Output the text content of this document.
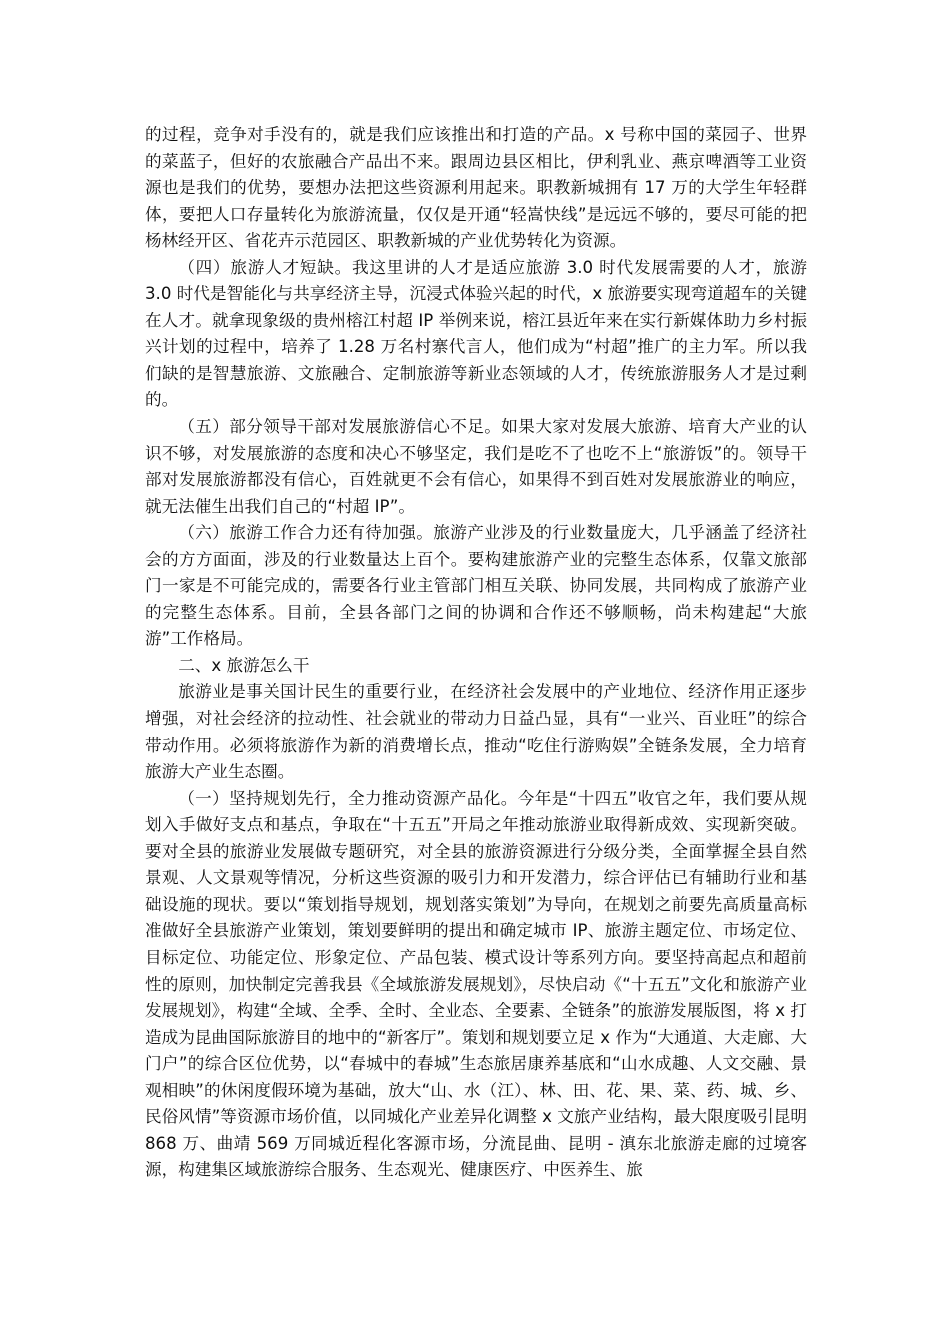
的过程，竞争对手没有的，就是我们应该推出和打造的产品。x 号称中国的菜园子、世界的菜蓝子，但好的农旅融合产品出不来。跟周边县区相比，伊利乳业、燕京啤酒等工业资源也是我们的优势，要想办法把这些资源利用起来。职教新城拥有 17 万的大学生年轻群体，要把人口存量转化为旅游流量，仅仅是开通“轻嵩快线”是远远不够的，要尽可能的把杨林经开区、省花卉示范园区、职教新城的产业优势转化为资源。

（四）旅游人才短缺。我这里讲的人才是适应旅游 3.0 时代发展需要的人才，旅游 3.0 时代是智能化与共享经济主导，沉浸式体验兴起的时代，x 旅游要实现弯道超车的关键在人才。就拿现象级的贵州榕江村超 IP 举例来说，榕江县近年来在实行新媒体助力乡村振兴计划的过程中，培养了 1.28 万名村寨代言人，他们成为“村超”推广的主力军。所以我们缺的是智慧旅游、文旅融合、定制旅游等新业态领域的人才，传统旅游服务人才是过剩的。

（五）部分领导干部对发展旅游信心不足。如果大家对发展大旅游、培育大产业的认识不够，对发展旅游的态度和决心不够坚定，我们是吃不了也吃不上“旅游饭”的。领导干部对发展旅游都没有信心，百姓就更不会有信心，如果得不到百姓对发展旅游业的响应，就无法催生出我们自己的“村超 IP”。

（六）旅游工作合力还有待加强。旅游产业涉及的行业数量庞大，几乎涵盖了经济社会的方方面面，涉及的行业数量达上百个。要构建旅游产业的完整生态体系，仅靠文旅部门一家是不可能完成的，需要各行业主管部门相互关联、协同发展，共同构成了旅游产业的完整生态体系。目前，全县各部门之间的协调和合作还不够顺畅，尚未构建起“大旅游”工作格局。

二、x 旅游怎么干

旅游业是事关国计民生的重要行业，在经济社会发展中的产业地位、经济作用正逐步增强，对社会经济的拉动性、社会就业的带动力日益凸显，具有“一业兴、百业旺”的综合带动作用。必须将旅游作为新的消费增长点，推动“吃住行游购娱”全链条发展，全力培育旅游大产业生态圈。

（一）坚持规划先行，全力推动资源产品化。今年是“十四五”收官之年，我们要从规划入手做好支点和基点，争取在“十五五”开局之年推动旅游业取得新成效、实现新突破。要对全县的旅游业发展做专题研究，对全县的旅游资源进行分级分类，全面掌握全县自然景观、人文景观等情况，分析这些资源的吸引力和开发潜力，综合评估已有辅助行业和基础设施的现状。要以“策划指导规划，规划落实策划”为导向，在规划之前要先高质量高标准做好全县旅游产业策划，策划要鲜明的提出和确定城市 IP、旅游主题定位、市场定位、目标定位、功能定位、形象定位、产品包装、模式设计等系列方向。要坚持高起点和超前性的原则，加快制定完善我县《全域旅游发展规划》，尽快启动《“十五五”文化和旅游产业发展规划》，构建“全域、全季、全时、全业态、全要素、全链条”的旅游发展版图，将 x 打造成为昆曲国际旅游目的地中的“新客厅”。策划和规划要立足 x 作为“大通道、大走廊、大门户”的综合区位优势，以“春城中的春城”生态旅居康养基底和“山水成趣、人文交融、景观相映”的休闲度假环境为基础，放大“山、水（江）、林、田、花、果、菜、药、城、乡、民俗风情”等资源市场价值，以同城化产业差异化调整 x 文旅产业结构，最大限度吸引昆明 868 万、曲靖 569 万同城近程化客源市场，分流昆曲、昆明 - 滇东北旅游走廊的过境客源，构建集区域旅游综合服务、生态观光、健康医疗、中医养生、旅
